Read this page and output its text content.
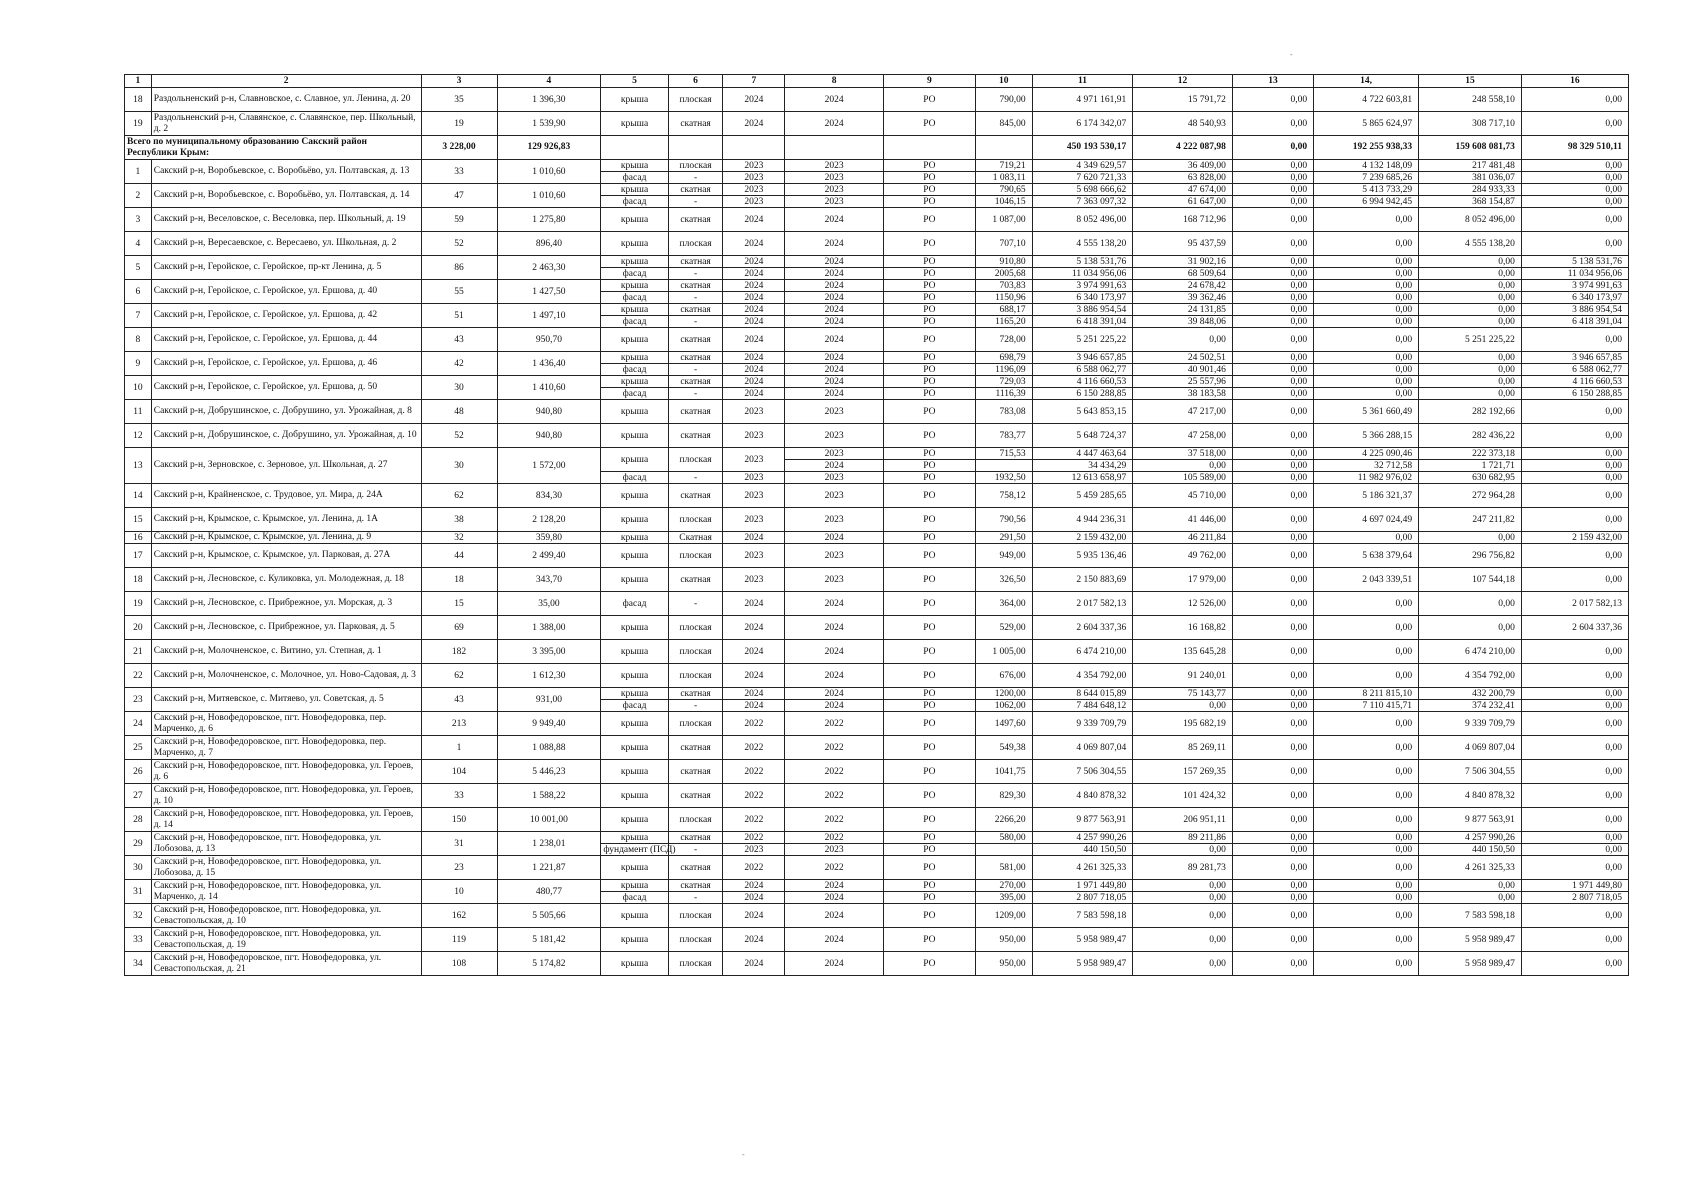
1	2	3	4	5	6	7	8	9	10	11	12	13	14,	15	16
18	Раздольненский р-н, Славновское, с. Славное, ул. Ленина, д. 20	35	1 396,30	крыша	плоская	2024	2024	РО	790,00	4 971 161,91	15 791,72	0,00	4 722 603,81	248 558,10	0,00
19	Раздольненский р-н, Славянское, с. Славянское, пер. Школьный, д. 2	19	1 539,90	крыша	скатная	2024	2024	РО	845,00	6 174 342,07	48 540,93	0,00	5 865 624,97	308 717,10	0,00
Всего по муниципальному образованию Сакский район Республики Крым:		3 228,00	129 926,83							450 193 530,17	4 222 087,98	0,00	192 255 938,33	159 608 081,73	98 329 510,11
1	Сакский р-н, Воробьевское, с. Воробьёво, ул. Полтавская, д. 13	33	1 010,60	крыша	плоская	2023	2023	РО	719,21	4 349 629,57	36 409,00	0,00	4 132 148,09	217 481,48	0,00
				фасад	-	2023	2023	РО	1 083,11	7 620 721,33	63 828,00	0,00	7 239 685,26	381 036,07	0,00
2	Сакский р-н, Воробьевское, с. Воробьёво, ул. Полтавская, д. 14	47	1 010,60	крыша	скатная	2023	2023	РО	790,65	5 698 666,62	47 674,00	0,00	5 413 733,29	284 933,33	0,00
				фасад	-	2023	2023	РО	1046,15	7 363 097,32	61 647,00	0,00	6 994 942,45	368 154,87	0,00
3	Сакский р-н, Веселовское, с. Веселовка, пер. Школьный, д. 19	59	1 275,80	крыша	скатная	2024	2024	РО	1 087,00	8 052 496,00	168 712,96	0,00	0,00	8 052 496,00	0,00
4	Сакский р-н, Вересаевское, с. Вересаево, ул. Школьная, д. 2	52	896,40	крыша	плоская	2024	2024	РО	707,10	4 555 138,20	95 437,59	0,00	0,00	4 555 138,20	0,00
5	Сакский р-н, Геройское, с. Геройское, пр-кт Ленина, д. 5	86	2 463,30	крыша	скатная	2024	2024	РО	910,80	5 138 531,76	31 902,16	0,00	0,00	0,00	5 138 531,76
				фасад	-	2024	2024	РО	2005,68	11 034 956,06	68 509,64	0,00	0,00	0,00	11 034 956,06
6	Сакский р-н, Геройское, с. Геройское, ул. Ершова, д. 40	55	1 427,50	крыша	скатная	2024	2024	РО	703,83	3 974 991,63	24 678,42	0,00	0,00	0,00	3 974 991,63
				фасад	-	2024	2024	РО	1150,96	6 340 173,97	39 362,46	0,00	0,00	0,00	6 340 173,97
7	Сакский р-н, Геройское, с. Геройское, ул. Ершова, д. 42	51	1 497,10	крыша	скатная	2024	2024	РО	688,17	3 886 954,54	24 131,85	0,00	0,00	0,00	3 886 954,54
				фасад	-	2024	2024	РО	1165,20	6 418 391,04	39 848,06	0,00	0,00	0,00	6 418 391,04
8	Сакский р-н, Геройское, с. Геройское, ул. Ершова, д. 44	43	950,70	крыша	скатная	2024	2024	РО	728,00	5 251 225,22	0,00	0,00	0,00	5 251 225,22	0,00
9	Сакский р-н, Геройское, с. Геройское, ул. Ершова, д. 46	42	1 436,40	крыша	скатная	2024	2024	РО	698,79	3 946 657,85	24 502,51	0,00	0,00	0,00	3 946 657,85
				фасад	-	2024	2024	РО	1196,09	6 588 062,77	40 901,46	0,00	0,00	0,00	6 588 062,77
10	Сакский р-н, Геройское, с. Геройское, ул. Ершова, д. 50	30	1 410,60	крыша	скатная	2024	2024	РО	729,03	4 116 660,53	25 557,96	0,00	0,00	0,00	4 116 660,53
				фасад	-	2024	2024	РО	1116,39	6 150 288,85	38 183,58	0,00	0,00	0,00	6 150 288,85
11	Сакский р-н, Добрушинское, с. Добрушино, ул. Урожайная, д. 8	48	940,80	крыша	скатная	2023	2023	РО	783,08	5 643 853,15	47 217,00	0,00	5 361 660,49	282 192,66	0,00
12	Сакский р-н, Добрушинское, с. Добрушино, ул. Урожайная, д. 10	52	940,80	крыша	скатная	2023	2023	РО	783,77	5 648 724,37	47 258,00	0,00	5 366 288,15	282 436,22	0,00
13	Сакский р-н, Зерновское, с. Зерновое, ул. Школьная, д. 27	30	1 572,00	крыша	плоская	2023	2023	РО	715,53	4 447 463,64	37 518,00	0,00	4 225 090,46	222 373,18	0,00
							2024	РО		34 434,29	0,00	0,00	32 712,58	1 721,71	0,00
				фасад	-	2023	2023	РО	1932,50	12 613 658,97	105 589,00	0,00	11 982 976,02	630 682,95	0,00
14	Сакский р-н, Крайненское, с. Трудовое, ул. Мира, д. 24А	62	834,30	крыша	скатная	2023	2023	РО	758,12	5 459 285,65	45 710,00	0,00	5 186 321,37	272 964,28	0,00
15	Сакский р-н, Крымское, с. Крымское, ул. Ленина, д. 1А	38	2 128,20	крыша	плоская	2023	2023	РО	790,56	4 944 236,31	41 446,00	0,00	4 697 024,49	247 211,82	0,00
16	Сакский р-н, Крымское, с. Крымское, ул. Ленина, д. 9	32	359,80	крыша	Скатная	2024	2024	РО	291,50	2 159 432,00	46 211,84	0,00	0,00	0,00	2 159 432,00
17	Сакский р-н, Крымское, с. Крымское, ул. Парковая, д. 27А	44	2 499,40	крыша	плоская	2023	2023	РО	949,00	5 935 136,46	49 762,00	0,00	5 638 379,64	296 756,82	0,00
18	Сакский р-н, Лесновское, с. Куликовка, ул. Молодежная, д. 18	18	343,70	крыша	скатная	2023	2023	РО	326,50	2 150 883,69	17 979,00	0,00	2 043 339,51	107 544,18	0,00
19	Сакский р-н, Лесновское, с. Прибрежное, ул. Морская, д. 3	15	35,00	фасад	-	2024	2024	РО	364,00	2 017 582,13	12 526,00	0,00	0,00	0,00	2 017 582,13
20	Сакский р-н, Лесновское, с. Прибрежное, ул. Парковая, д. 5	69	1 388,00	крыша	плоская	2024	2024	РО	529,00	2 604 337,36	16 168,82	0,00	0,00	0,00	2 604 337,36
21	Сакский р-н, Молочненское, с. Витино, ул. Степная, д. 1	182	3 395,00	крыша	плоская	2024	2024	РО	1 005,00	6 474 210,00	135 645,28	0,00	0,00	6 474 210,00	0,00
22	Сакский р-н, Молочненское, с. Молочное, ул. Ново-Садовая, д. 3	62	1 612,30	крыша	плоская	2024	2024	РО	676,00	4 354 792,00	91 240,01	0,00	0,00	4 354 792,00	0,00
23	Сакский р-н, Митяевское, с. Митяево, ул. Советская, д. 5	43	931,00	крыша	скатная	2024	2024	РО	1200,00	8 644 015,89	75 143,77	0,00	8 211 815,10	432 200,79	0,00
				фасад	-	2024	2024	РО	1062,00	7 484 648,12	0,00	0,00	7 110 415,71	374 232,41	0,00
24	Сакский р-н, Новофедоровское, пгт. Новофедоровка, пер. Марченко, д. 6	213	9 949,40	крыша	плоская	2022	2022	РО	1497,60	9 339 709,79	195 682,19	0,00	0,00	9 339 709,79	0,00
25	Сакский р-н, Новофедоровское, пгт. Новофедоровка, пер. Марченко, д. 7	1	1 088,88	крыша	скатная	2022	2022	РО	549,38	4 069 807,04	85 269,11	0,00	0,00	4 069 807,04	0,00
26	Сакский р-н, Новофедоровское, пгт. Новофедоровка, ул. Героев, д. 6	104	5 446,23	крыша	скатная	2022	2022	РО	1041,75	7 506 304,55	157 269,35	0,00	0,00	7 506 304,55	0,00
27	Сакский р-н, Новофедоровское, пгт. Новофедоровка, ул. Героев, д. 10	33	1 588,22	крыша	скатная	2022	2022	РО	829,30	4 840 878,32	101 424,32	0,00	0,00	4 840 878,32	0,00
28	Сакский р-н, Новофедоровское, пгт. Новофедоровка, ул. Героев, д. 14	150	10 001,00	крыша	плоская	2022	2022	РО	2266,20	9 877 563,91	206 951,11	0,00	0,00	9 877 563,91	0,00
29	Сакский р-н, Новофедоровское, пгт. Новофедоровка, ул. Лобозова, д. 13	31	1 238,01	крыша	скатная	2022	2022	РО	580,00	4 257 990,26	89 211,86	0,00	0,00	4 257 990,26	0,00
				фундамент (ПСД)	-	2023	2023	РО		440 150,50	0,00	0,00	0,00	440 150,50	0,00
30	Сакский р-н, Новофедоровское, пгт. Новофедоровка, ул. Лобозова, д. 15	23	1 221,87	крыша	скатная	2022	2022	РО	581,00	4 261 325,33	89 281,73	0,00	0,00	4 261 325,33	0,00
31	Сакский р-н, Новофедоровское, пгт. Новофедоровка, ул. Марченко, д. 14	10	480,77	крыша	скатная	2024	2024	РО	270,00	1 971 449,80	0,00	0,00	0,00	0,00	1 971 449,80
				фасад	-	2024	2024	РО	395,00	2 807 718,05	0,00	0,00	0,00	0,00	2 807 718,05
32	Сакский р-н, Новофедоровское, пгт. Новофедоровка, ул. Севастопольская, д. 10	162	5 505,66	крыша	плоская	2024	2024	РО	1209,00	7 583 598,18	0,00	0,00	0,00	7 583 598,18	0,00
33	Сакский р-н, Новофедоровское, пгт. Новофедоровка, ул. Севастопольская, д. 19	119	5 181,42	крыша	плоская	2024	2024	РО	950,00	5 958 989,47	0,00	0,00	0,00	5 958 989,47	0,00
34	Сакский р-н, Новофедоровское, пгт. Новофедоровка, ул. Севастопольская, д. 21	108	5 174,82	крыша	плоская	2024	2024	РО	950,00	5 958 989,47	0,00	0,00	0,00	5 958 989,47	0,00
-
-
